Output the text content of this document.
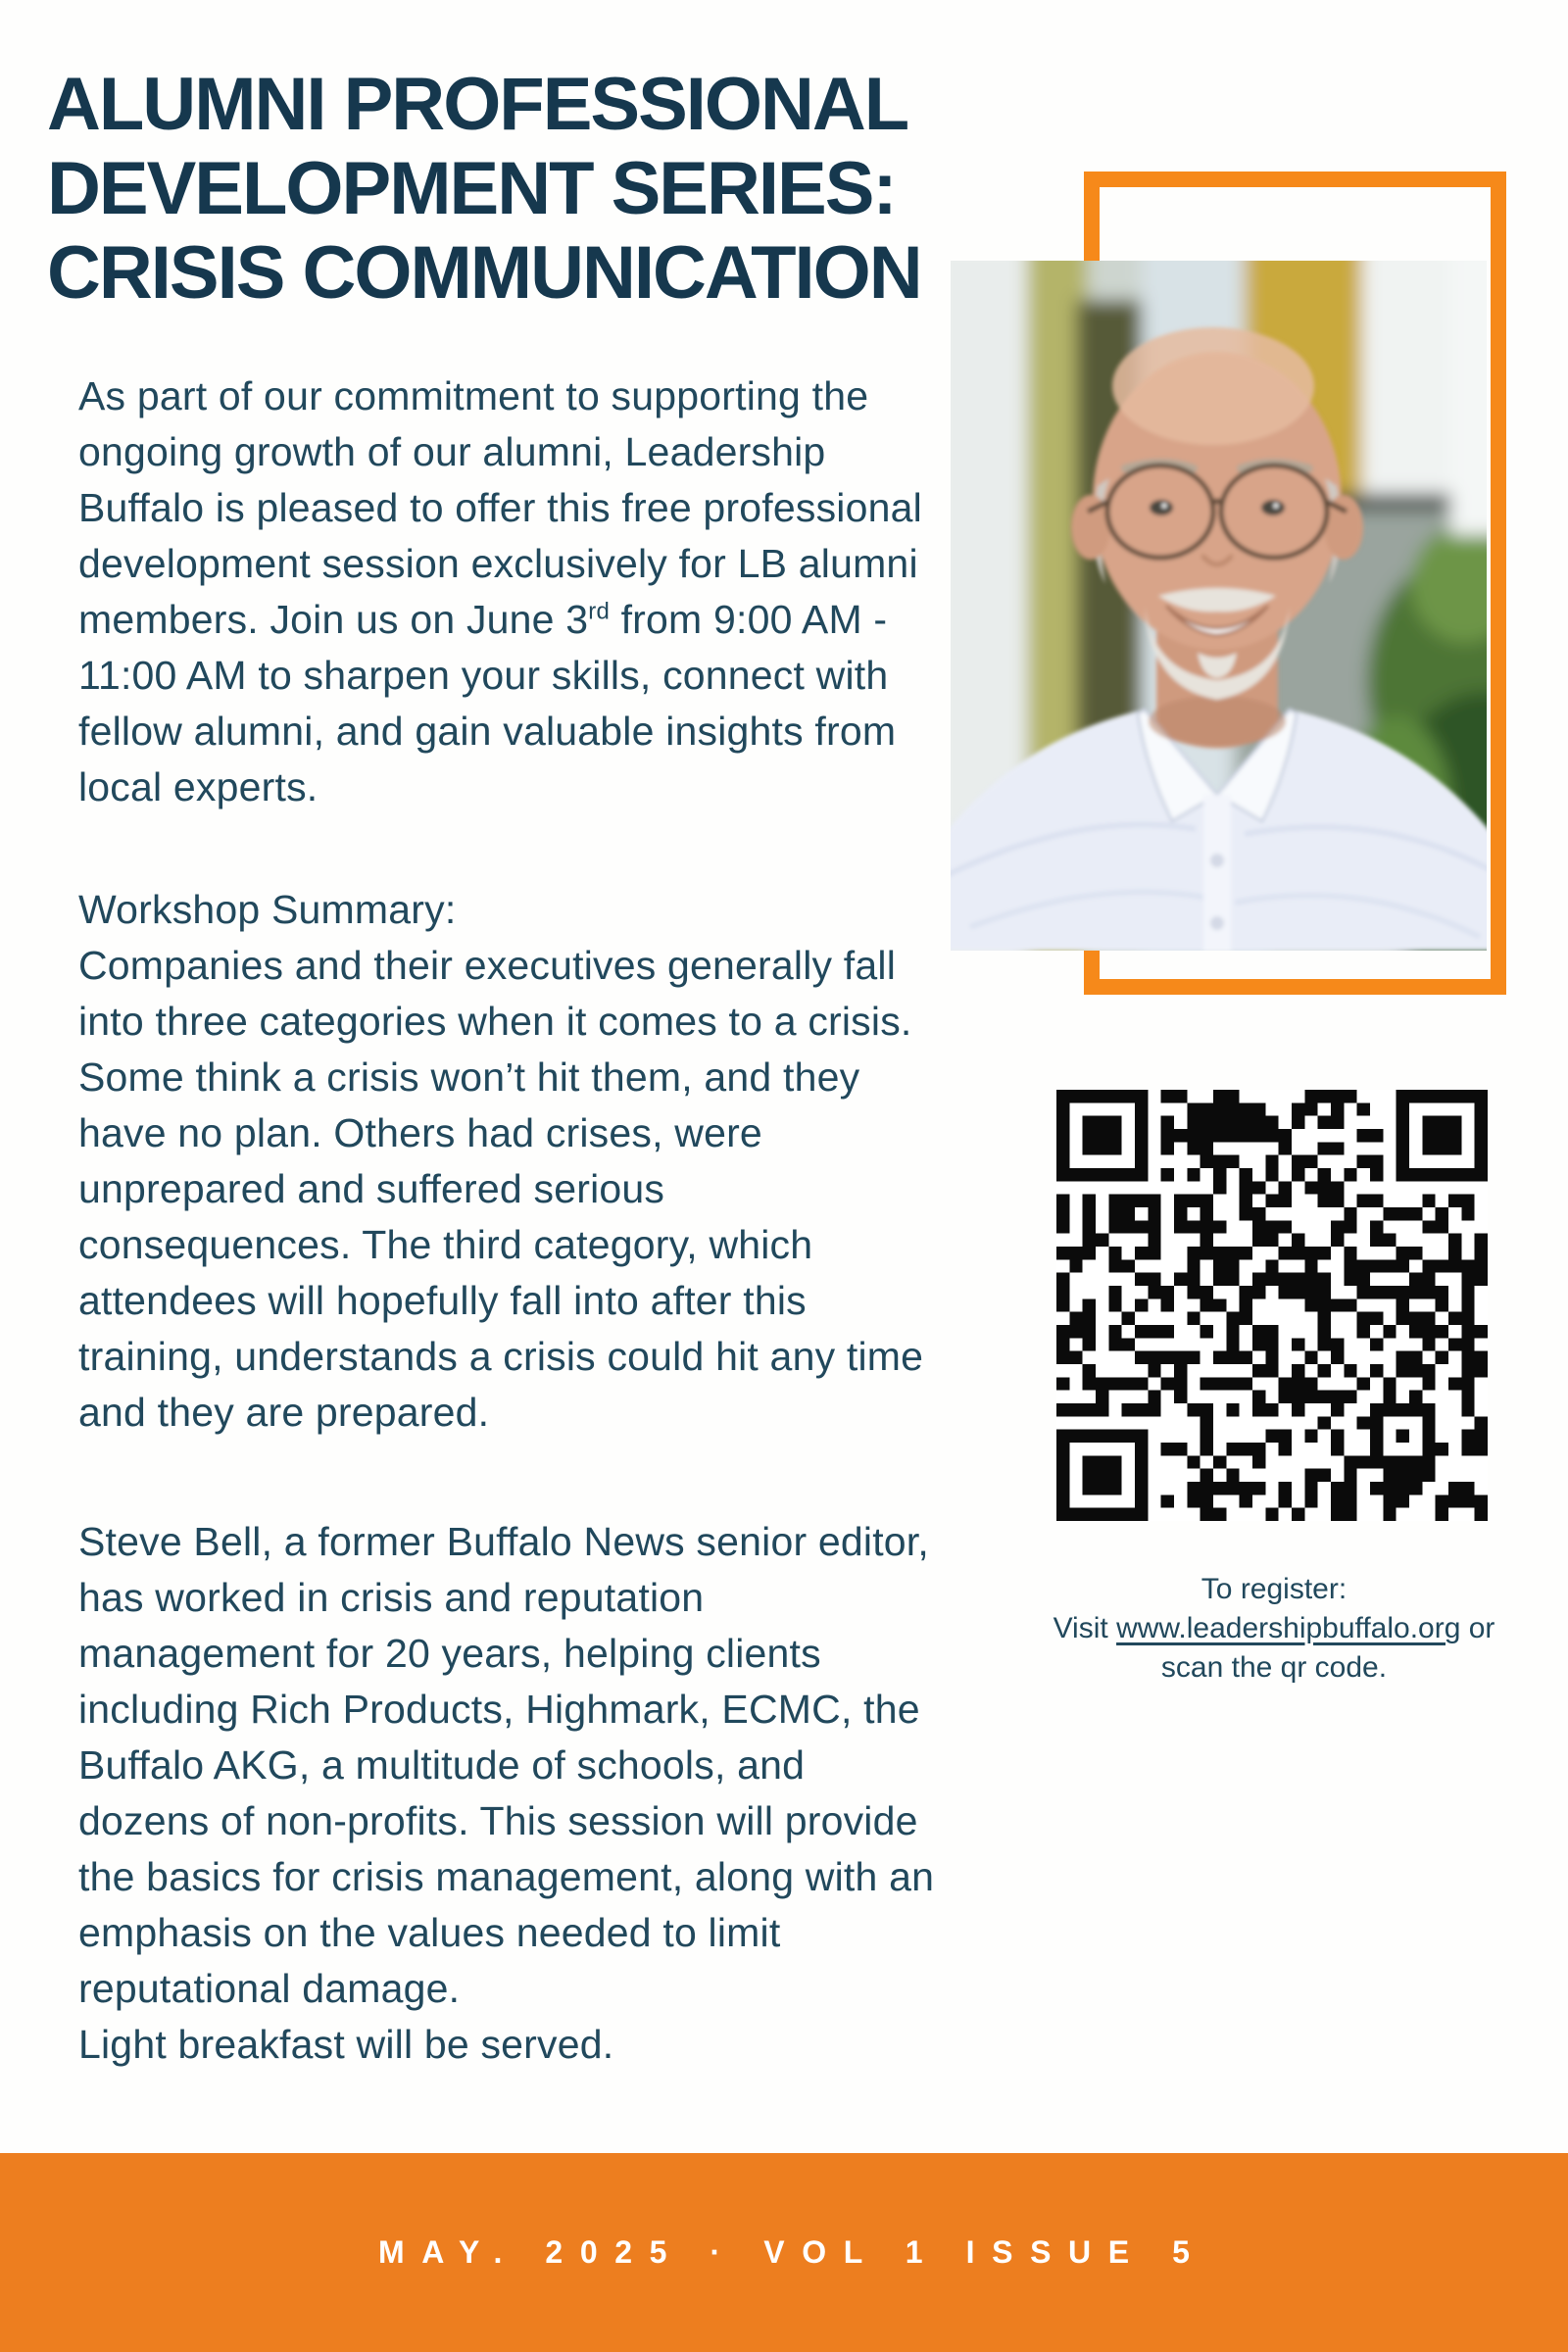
ALUMNI PROFESSIONAL
DEVELOPMENT SERIES:
CRISIS COMMUNICATION

As part of our commitment to supporting the ongoing growth of our alumni, Leadership Buffalo is pleased to offer this free professional development session exclusively for LB alumni members. Join us on June 3rd from 9:00 AM - 11:00 AM to sharpen your skills, connect with fellow alumni, and gain valuable insights from local experts.

Workshop Summary:
Companies and their executives generally fall into three categories when it comes to a crisis. Some think a crisis won’t hit them, and they have no plan. Others had crises, were unprepared and suffered serious consequences. The third category, which attendees will hopefully fall into after this training, understands a crisis could hit any time and they are prepared.

Steve Bell, a former Buffalo News senior editor, has worked in crisis and reputation management for 20 years, helping clients including Rich Products, Highmark, ECMC, the Buffalo AKG, a multitude of schools, and dozens of non-profits. This session will provide the basics for crisis management, along with an emphasis on the values needed to limit reputational damage.
Light breakfast will be served.

To register:
Visit www.leadershipbuffalo.org or
scan the qr code.
MAY. 2025 · VOL 1 ISSUE 5
